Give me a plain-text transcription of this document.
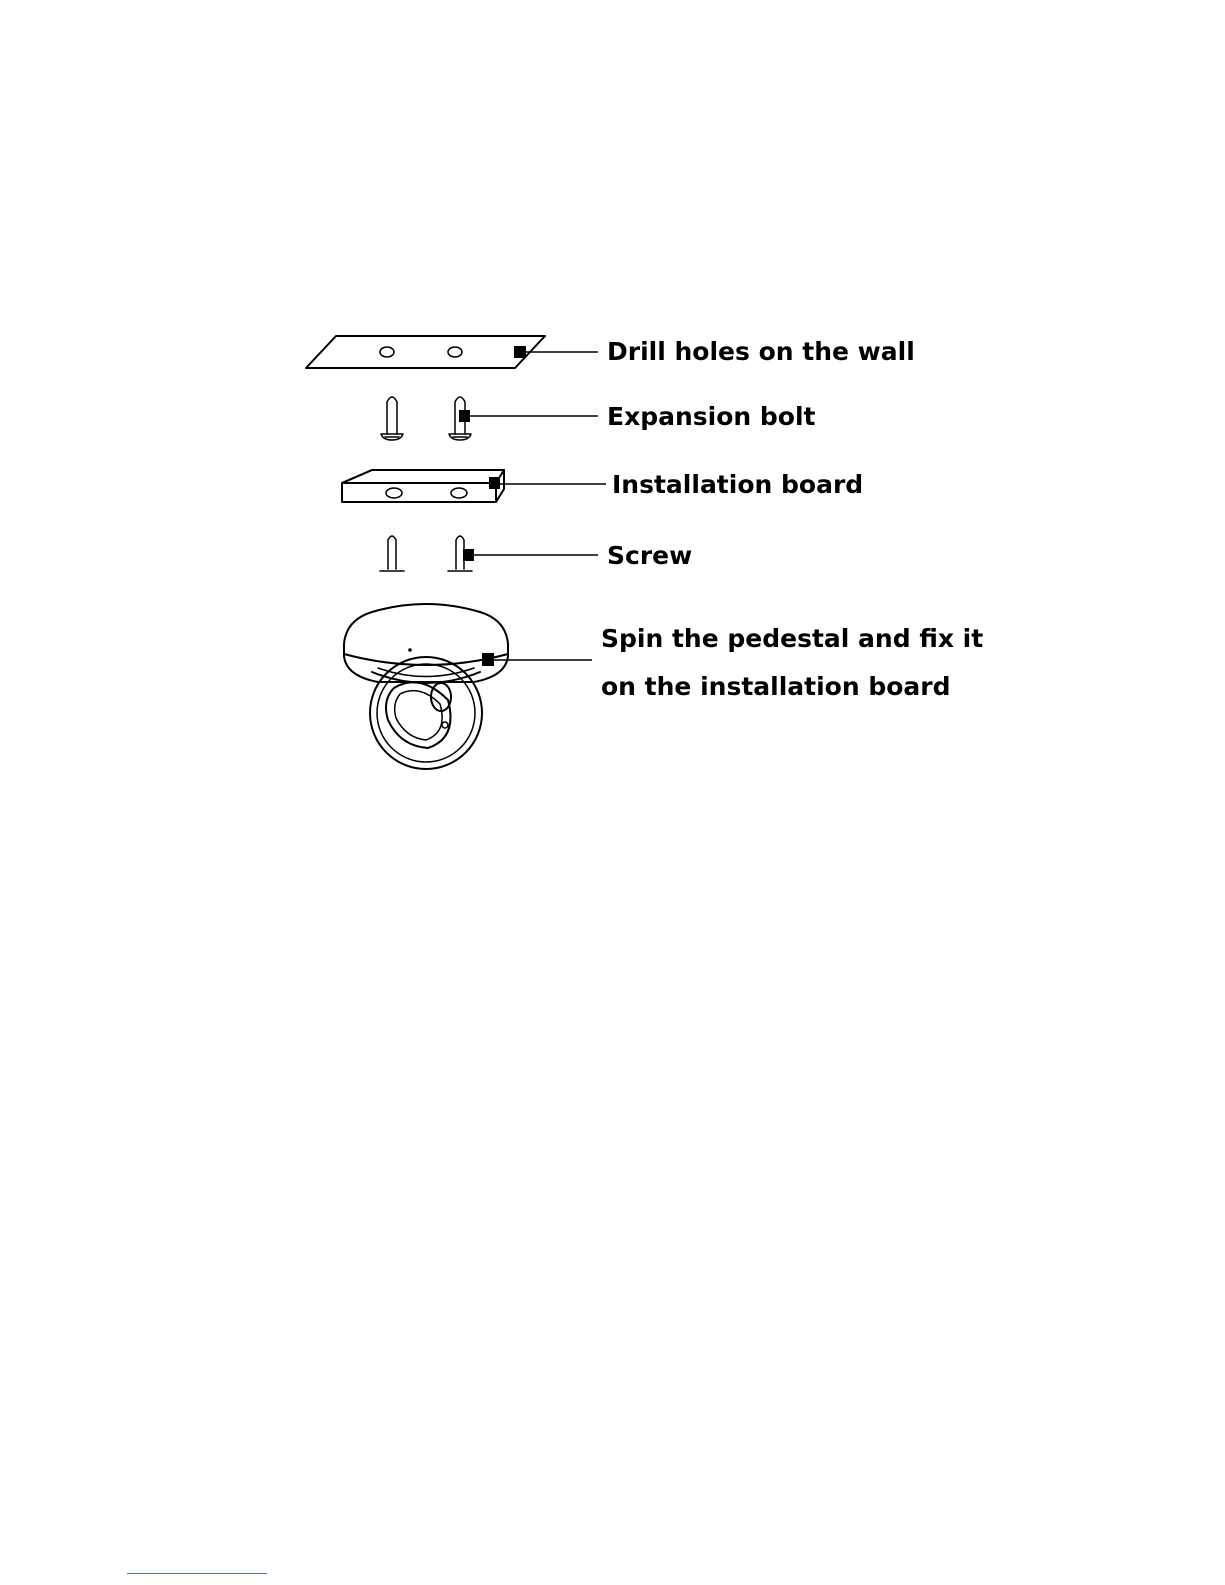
Drill holes on the wall
Expansion bolt
Installation board
Screw
Spin the pedestal and fix it
on the installation board
